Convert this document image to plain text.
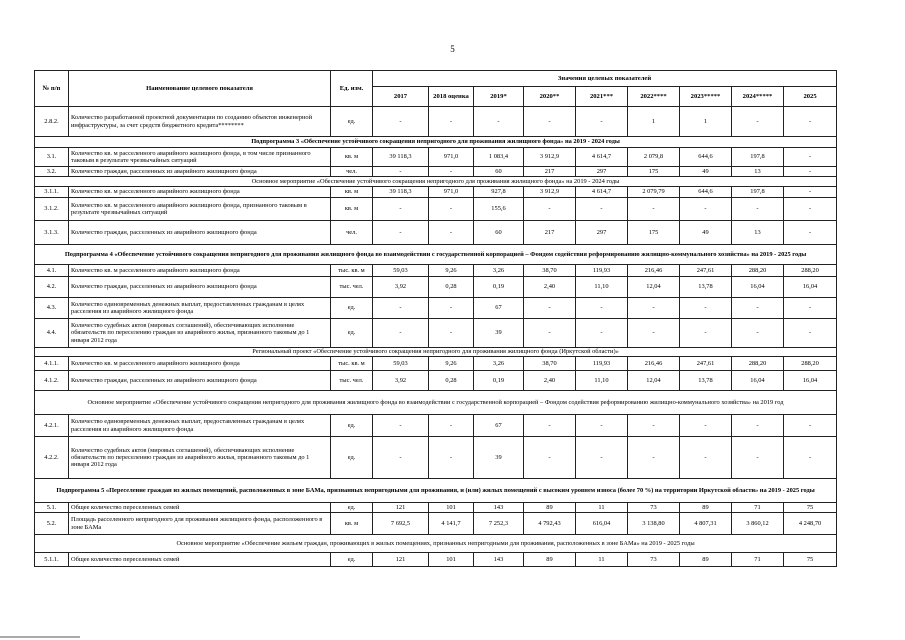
5
№ п/п	Наименование целевого показателя	Ед. изм.	Значения целевых показателей								
			2017	2018 оценка	2019*	2020**	2021***	2022****	2023*****	2024*****	2025
2.8.2.	Количество разработанной проектной документации по созданию объектов инженерной инфраструктуры, за счет средств бюджетного кредита********	ед.	-	-	-	-	-	1	1	-	-
Подпрограмма 3 «Обеспечение устойчивого сокращения непригодного для проживания жилищного фонда» на 2019 - 2024 годы											
3.1.	Количество кв. м расселенного аварийного жилищного фонда, в том числе признанного таковым в результате чрезвычайных ситуаций	кв. м	39 118,3	971,0	1 083,4	3 912,9	4 614,7	2 079,8	644,6	197,8	-
3.2.	Количество граждан, расселенных из аварийного жилищного фонда	чел.	-	-	60	217	297	175	49	13	-
Основное мероприятие «Обеспечение устойчивого сокращения непригодного для проживания жилищного фонда» на 2019 - 2024 годы											
3.1.1.	Количество кв. м расселенного аварийного жилищного фонда	кв. м	39 118,3	971,0	927,8	3 912,9	4 614,7	2 079,79	644,6	197,8	-
3.1.2.	Количество кв. м расселенного аварийного жилищного фонда, признанного таковым в результате чрезвычайных ситуаций	кв. м	-	-	155,6	-	-	-	-	-	-
3.1.3.	Количество граждан, расселенных из аварийного жилищного фонда	чел.	-	-	60	217	297	175	49	13	-
Подпрограмма 4 «Обеспечение устойчивого сокращения непригодного для проживания жилищного фонда во взаимодействии с государственной корпорацией – Фондом содействия реформированию жилищно-коммунального хозяйства» на 2019 - 2025 годы											
4.1.	Количество кв. м расселенного аварийного жилищного фонда	тыс. кв. м	59,03	9,26	3,26	38,70	119,93	216,46	247,61	288,20	288,20
4.2.	Количество граждан, расселенных из аварийного жилищного фонда	тыс. чел.	3,92	0,28	0,19	2,40	11,10	12,04	13,78	16,04	16,04
4.3.	Количество единовременных денежных выплат, предоставленных гражданам в целях расселения из аварийного жилищного фонда	ед.	-	-	67	-	-	-	-	-	-
4.4.	Количество судебных актов (мировых соглашений), обеспечивающих исполнение обязательств по переселению граждан из аварийного жилья, признанного таковым до 1 января 2012 года	ед.	-	-	39	-	-	-	-	-	-
Региональный проект «Обеспечение устойчивого сокращения непригодного для проживания жилищного фонда (Иркутской области)»											
4.1.1.	Количество кв. м расселенного аварийного жилищного фонда	тыс. кв. м	59,03	9,26	3,26	38,70	119,93	216,46	247,61	288,20	288,20
4.1.2.	Количество граждан, расселенных из аварийного жилищного фонда	тыс. чел.	3,92	0,28	0,19	2,40	11,10	12,04	13,78	16,04	16,04
Основное мероприятие «Обеспечение устойчивого сокращения непригодного для проживания жилищного фонда во взаимодействии с государственной корпорацией – Фондом содействия реформированию жилищно-коммунального хозяйства» на 2019 год											
4.2.1.	Количество единовременных денежных выплат, предоставленных гражданам в целях расселения из аварийного жилищного фонда	ед.	-	-	67	-	-	-	-	-	-
4.2.2.	Количество судебных актов (мировых соглашений), обеспечивающих исполнение обязательств по переселению граждан из аварийного жилья, признанного таковым до 1 января 2012 года	ед.	-	-	39	-	-	-	-	-	-
Подпрограмма 5 «Переселение граждан из жилых помещений, расположенных в зоне БАМа, признанных непригодными для проживания, и (или) жилых помещений с высоким уровнем износа (более 70 %) на территории Иркутской области» на 2019 - 2025 годы											
5.1.	Общее количество переселенных семей	ед.	121	101	143	89	11	73	89	71	75
5.2.	Площадь расселенного непригодного для проживания жилищного фонда, расположенного в зоне БАМа	кв. м	7 692,5	4 141,7	7 252,3	4 792,43	616,04	3 138,80	4 807,31	3 860,12	4 248,70
Основное мероприятие «Обеспечение жильем граждан, проживающих в жилых помещениях, признанных непригодными для проживания, расположенных в зоне БАМа» на 2019 - 2025 годы											
5.1.1.	Общее количество переселенных семей	ед.	121	101	143	89	11	73	89	71	75
